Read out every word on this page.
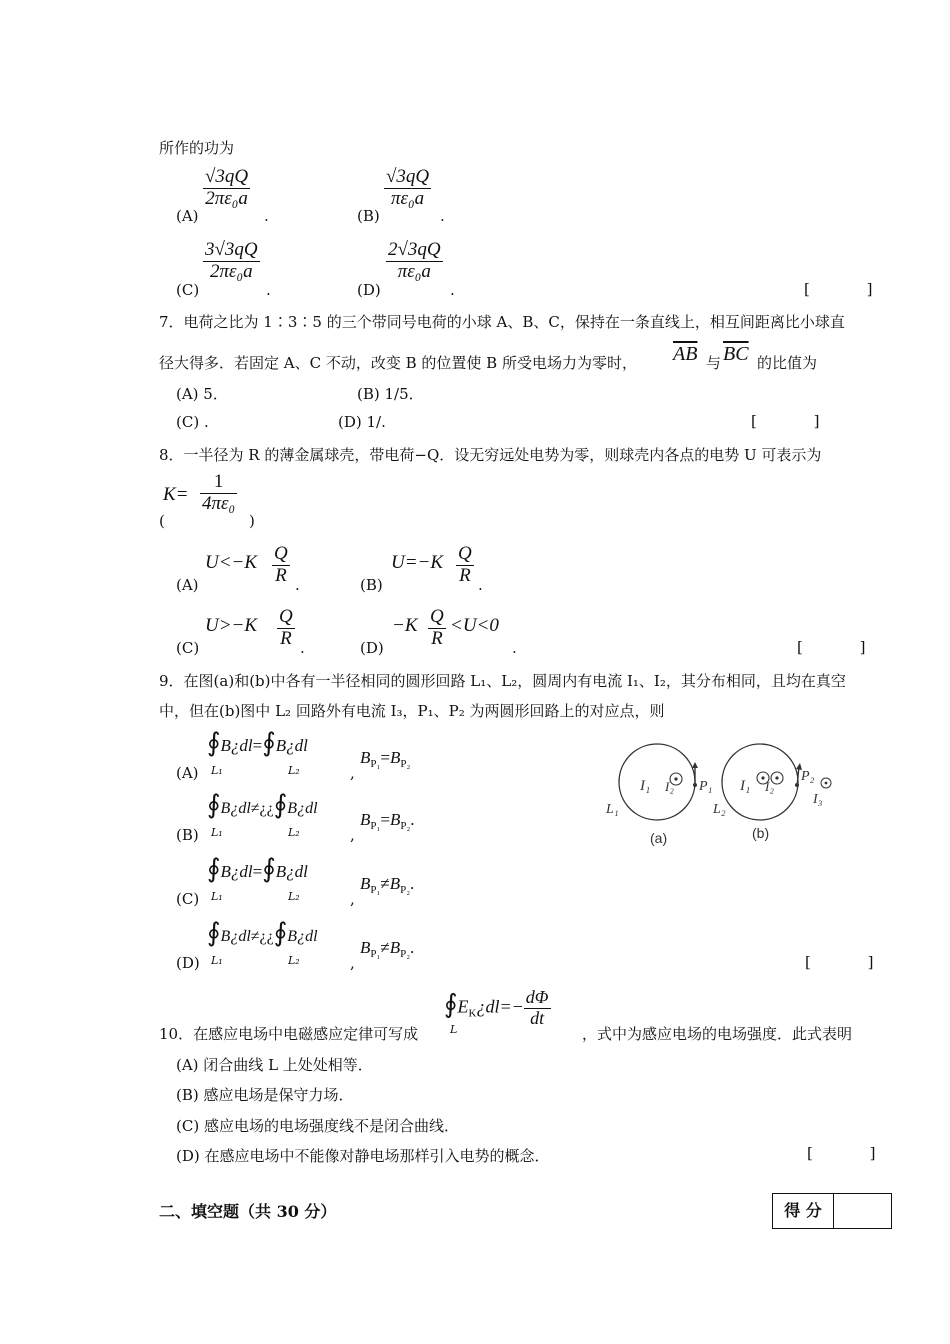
所作的功为
(A)
$\frac{√3qQ}{\text{2πε₀a}}$
.	(B)
$\frac{√3qQ}{\text{πε₀a}}$
.
(C)
$\frac{3√3qQ}{\text{2πε₀a}}$
.	(D)
$\frac{2√3qQ}{\text{πε₀a}}$
.	[ ]
7．电荷之比为 1∶3∶5 的三个带同号电荷的小球 A、B、C，保持在一条直线上，相互间距离比小球直
径大得多．若固定 A、C 不动，改变 B 的位置使 B 所受电场力为零时， $\overline{AB}$ 与 $\overline{BC}$ 的比值为
(A) 5．	(B) 1/5．
(C) .	(D) 1/.	[ ]
8．一半径为 R 的薄金属球壳，带电荷−Q．设无穷远处电势为零，则球壳内各点的电势 U 可表示为
$K= \frac{1}{\text{4πε₀}}$
(	)
(A)
$U<-K \frac{Q}{R}$ .	(B)
$U=-K \frac{Q}{R}$ .
(C)
$U>-K \frac{Q}{R}$ .	(D)
$-K \frac{Q}{R} <U<0$
.	[ ]
9．在图(a)和(b)中各有一半径相同的圆形回路 L₁、L₂，圆周内有电流 I₁、I₂，其分布相同，且均在真空
中，但在(b)图中 L₂ 回路外有电流 I₃，P₁、P₂ 为两圆形回路上的对应点，则
(A)
∮B¿dl=∮B¿dl
L₁	L₂	,
$B_{P_1}=B_{P_2}$
(B)
∮B¿dl≠¿¿∮B¿dl
L₁	L₂	,
$B_{P_1}=B_{P_2}$.
(C)
∮B¿dl=∮B¿dl
L₁	L₂	,
$B_{P_1}\ne B_{P_2}$.
(D)
∮B¿dl≠¿¿∮B¿dl
L₁	L₂	,
$B_{P_1}\ne B_{P_2}$.
[ ]
I₁ I₂ P₁
L₁
(a)
I₁ I₂
P₂
I₃
L₂
(b)
$∮E_K¿dl=- \frac{d\Phi}{dt}$
L
10．在感应电场中电磁感应定律可写成	，式中为感应电场的电场强度．此式表明
(A) 闭合曲线 L 上处处相等．
(B) 感应电场是保守力场．
(C) 感应电场的电场强度线不是闭合曲线．
(D) 在感应电场中不能像对静电场那样引入电势的概念．	[ ]
二、填空题（共 30 分）	得 分
